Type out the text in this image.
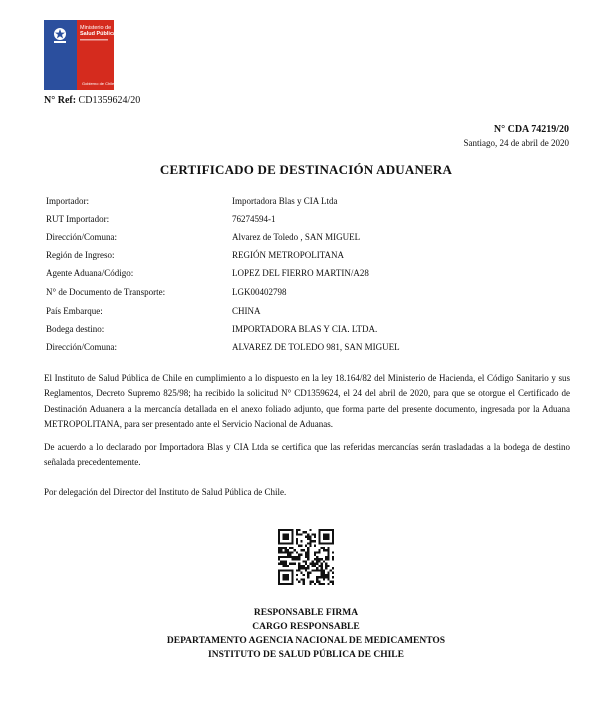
Ministerio de
Salud Pública
Gobierno de Chile
N° Ref: CD1359624/20
N° CDA 74219/20
Santiago, 24 de abril de 2020
CERTIFICADO DE DESTINACIÓN ADUANERA
Importador:	Importadora Blas y CIA Ltda
RUT Importador:	76274594-1
Dirección/Comuna:	Alvarez de Toledo , SAN MIGUEL
Región de Ingreso:	REGIÓN METROPOLITANA
Agente Aduana/Código:	LOPEZ DEL FIERRO MARTIN/A28
N° de Documento de Transporte:	LGK00402798
País Embarque:	CHINA
Bodega destino:	IMPORTADORA BLAS Y CIA. LTDA.
Dirección/Comuna:	ALVAREZ DE TOLEDO 981, SAN MIGUEL
El Instituto de Salud Pública de Chile en cumplimiento a lo dispuesto en la ley 18.164/82 del Ministerio de Hacienda, el Código Sanitario y sus Reglamentos, Decreto Supremo 825/98; ha recibido la solicitud N° CD1359624, el 24 del abril de 2020, para que se otorgue el Certificado de Destinación Aduanera a la mercancía detallada en el anexo foliado adjunto, que forma parte del presente documento, ingresada por la Aduana METROPOLITANA, para ser presentado ante el Servicio Nacional de Aduanas.
De acuerdo a lo declarado por Importadora Blas y CIA Ltda se certifica que las referidas mercancías serán trasladadas a la bodega de destino señalada precedentemente.
Por delegación del Director del Instituto de Salud Pública de Chile.
RESPONSABLE FIRMA
CARGO RESPONSABLE
DEPARTAMENTO AGENCIA NACIONAL DE MEDICAMENTOS
INSTITUTO DE SALUD PÚBLICA DE CHILE
